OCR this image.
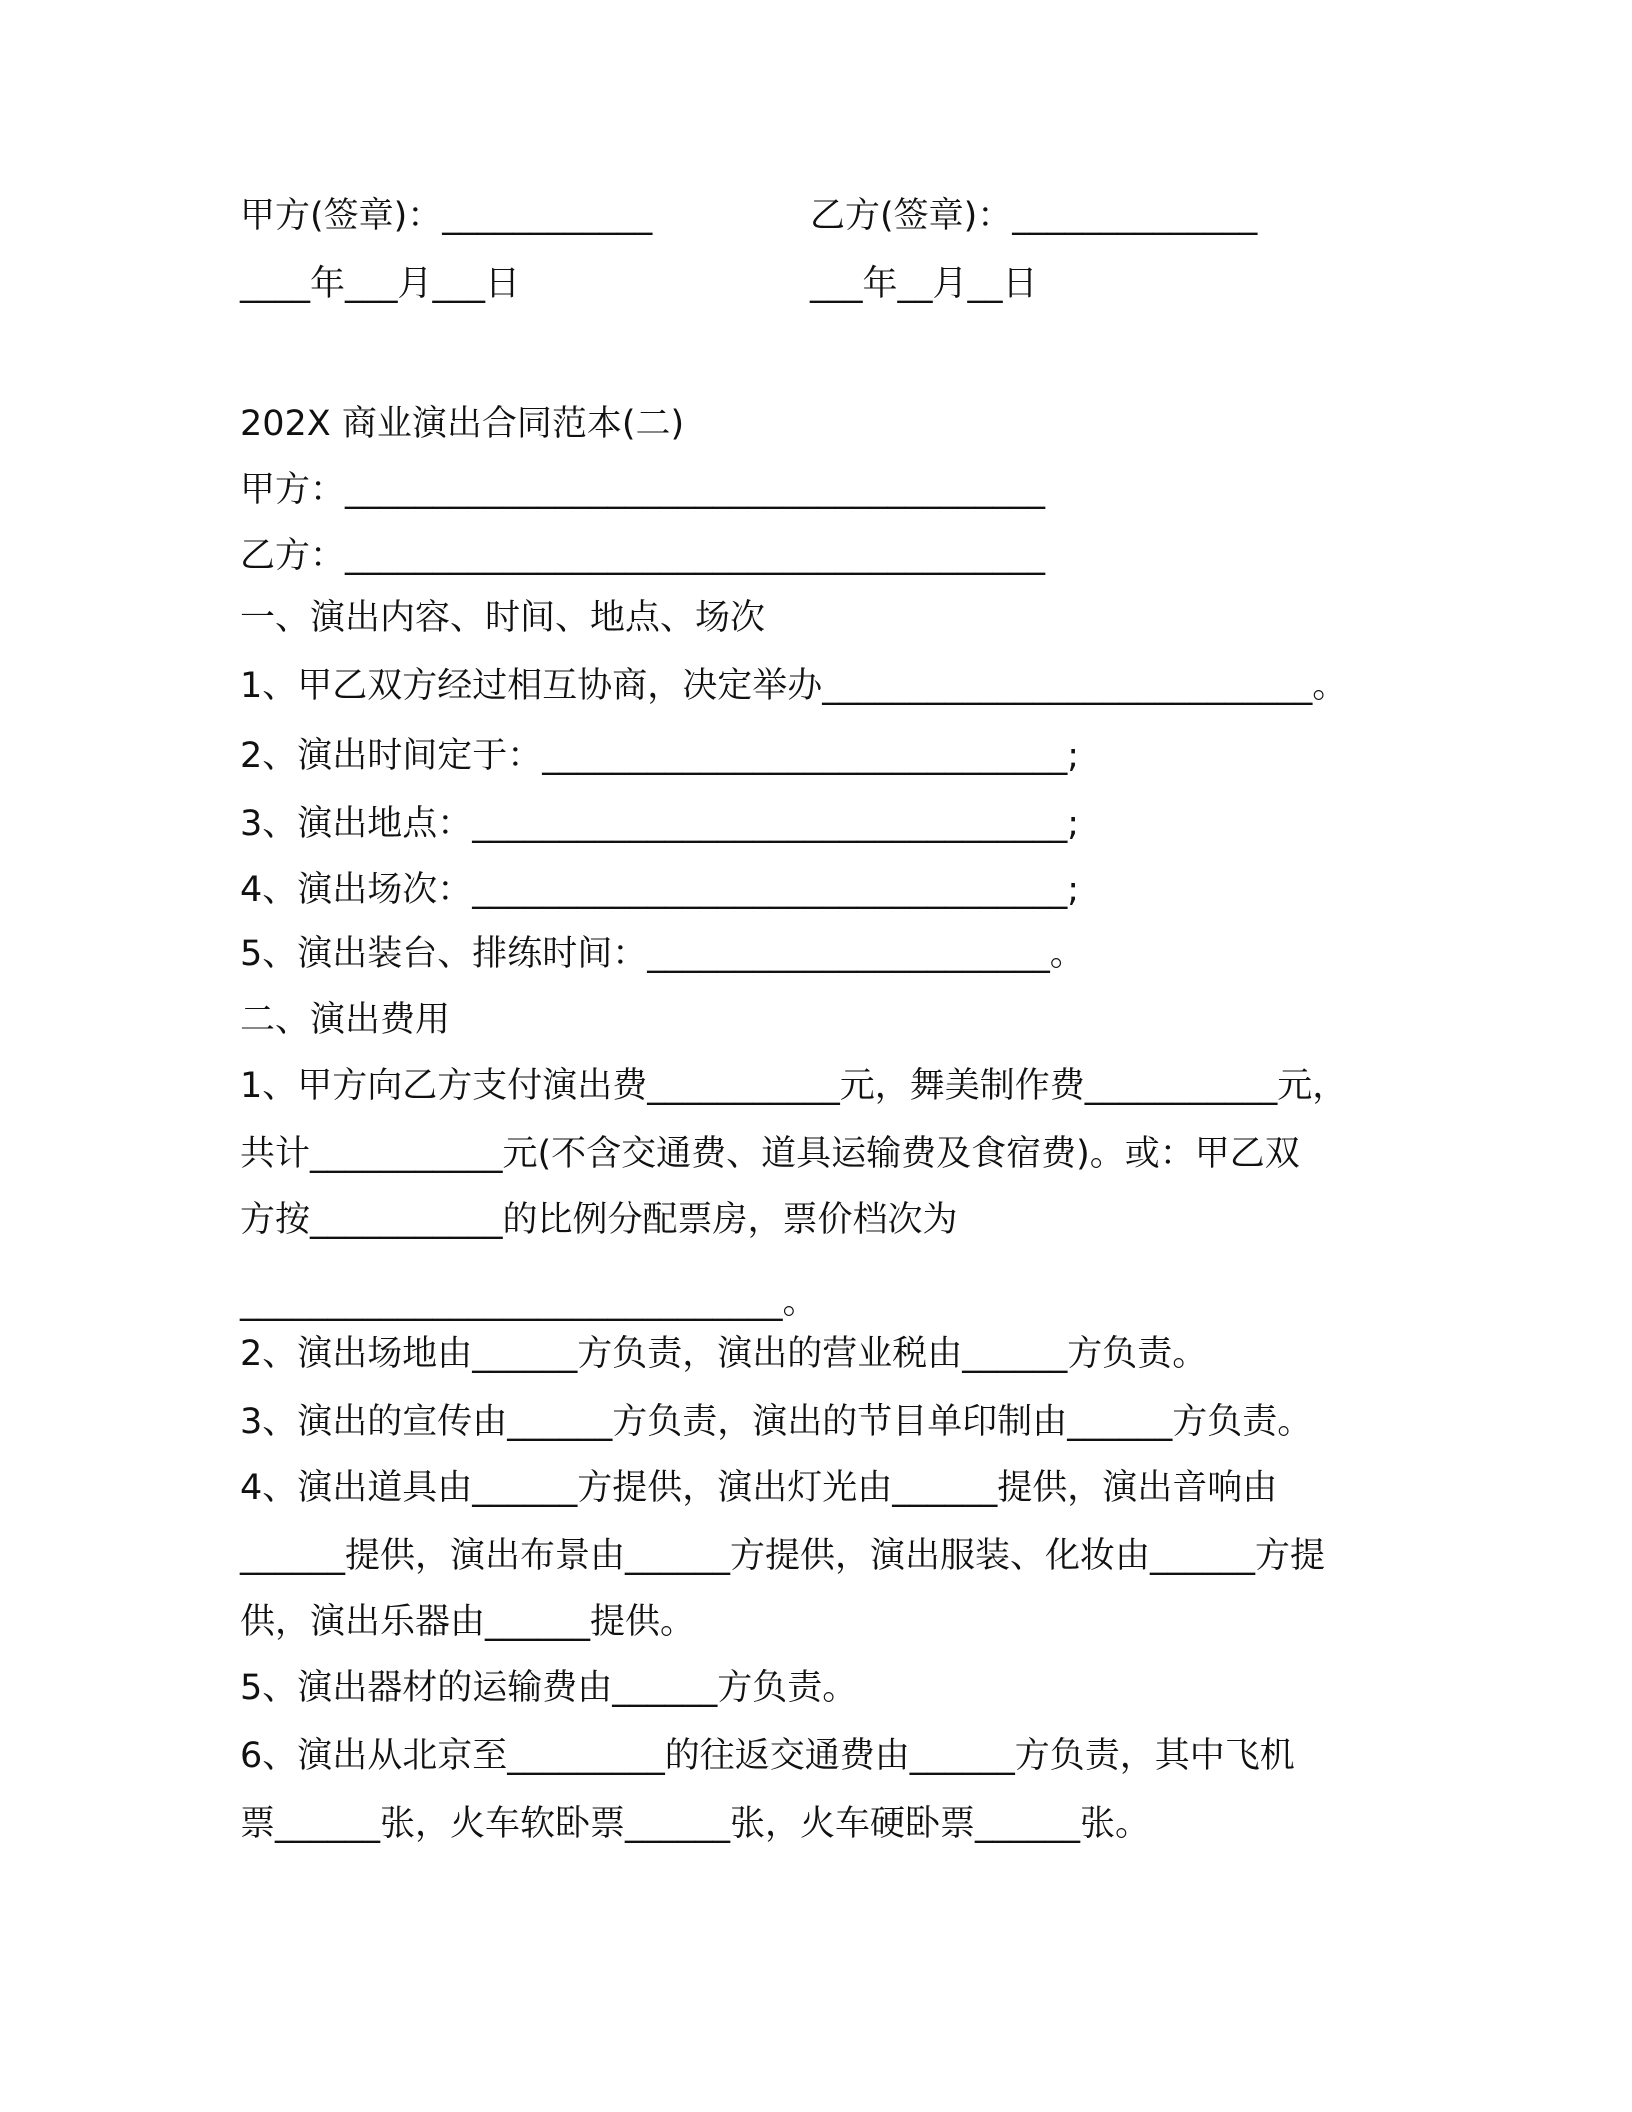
甲方(签章)：____________	乙方(签章)：______________
____年___月___日	___年__月__日
202X 商业演出合同范本(二)
甲方：________________________________________
乙方：________________________________________
一、演出内容、时间、地点、场次
1、甲乙双方经过相互协商，决定举办____________________________。
2、演出时间定于：______________________________;
3、演出地点：__________________________________;
4、演出场次：__________________________________;
5、演出装台、排练时间：_______________________。
二、演出费用
1、甲方向乙方支付演出费___________元，舞美制作费___________元，
共计___________元(不含交通费、道具运输费及食宿费)。或：甲乙双
方按___________的比例分配票房，票价档次为
_______________________________。
2、演出场地由______方负责，演出的营业税由______方负责。
3、演出的宣传由______方负责，演出的节目单印制由______方负责。
4、演出道具由______方提供，演出灯光由______提供，演出音响由
______提供，演出布景由______方提供，演出服装、化妆由______方提
供，演出乐器由______提供。
5、演出器材的运输费由______方负责。
6、演出从北京至_________的往返交通费由______方负责，其中飞机
票______张，火车软卧票______张，火车硬卧票______张。
